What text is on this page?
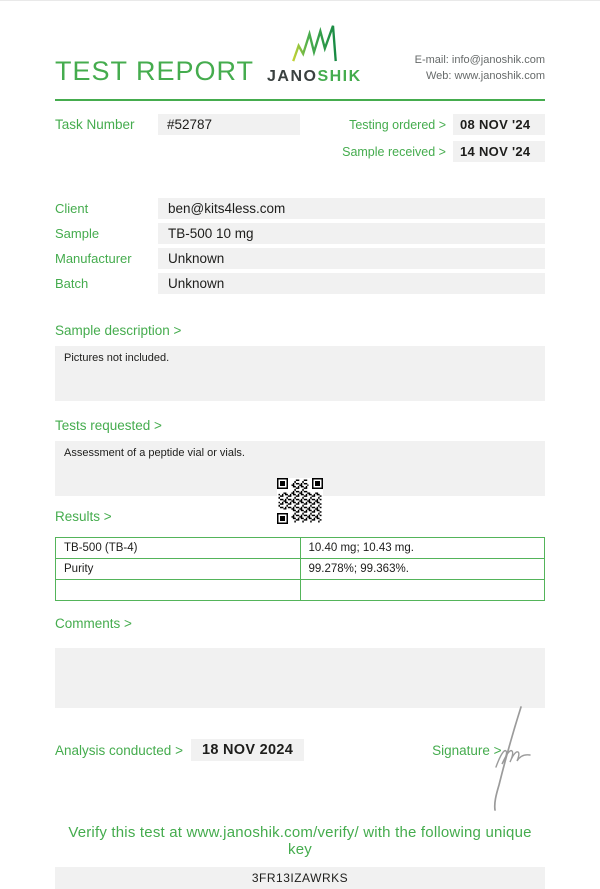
TEST REPORT JANOSHIK
E-mail: info@janoshik.com
Web: www.janoshik.com
Task Number	#52787	Testing ordered >	08 NOV '24
Sample received >	14 NOV '24
Client	ben@kits4less.com
Sample	TB-500 10 mg
Manufacturer	Unknown
Batch	Unknown
Sample description >
Pictures not included.
Tests requested >
Assessment of a peptide vial or vials.
Results >
TB-500 (TB-4)	10.40 mg; 10.43 mg.
Purity	99.278%; 99.363%.

Comments >
Analysis conducted >	18 NOV 2024	Signature >
Verify this test at www.janoshik.com/verify/ with the following unique key
3FR13IZAWRKS
